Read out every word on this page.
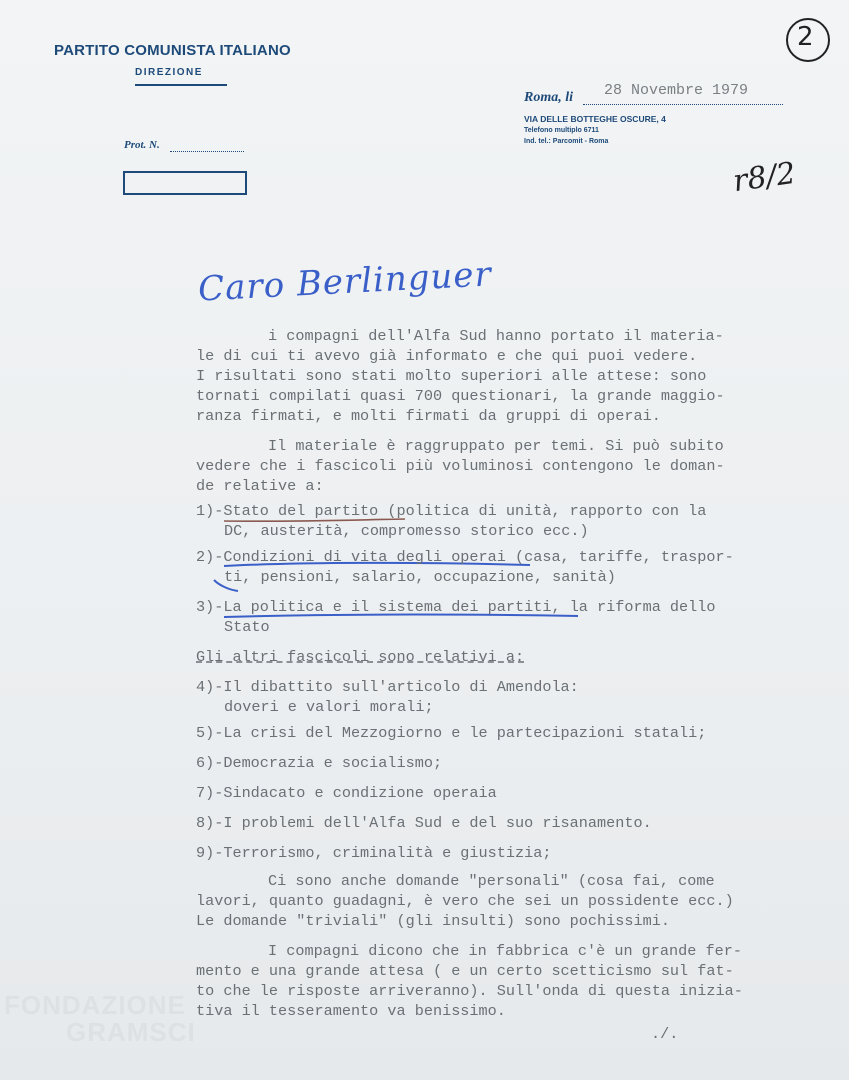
FONDAZIONE
GRAMSCI
PARTITO COMUNISTA ITALIANO
DIREZIONE
Prot. N.
Roma, li 28 Novembre 1979
VIA DELLE BOTTEGHE OSCURE, 4
Telefono multiplo 6711
Ind. tel.: Parcomit - Roma
2
r8/2
Caro Berlinguer
i compagni dell'Alfa Sud hanno portato il materia-
le di cui ti avevo già informato e che qui puoi vedere.
I risultati sono stati molto superiori alle attese: sono
tornati compilati quasi 700 questionari, la grande maggio-
ranza firmati, e molti firmati da gruppi di operai.
Il materiale è raggruppato per temi. Si può subito
vedere che i fascicoli più voluminosi contengono le doman-
de relative a:
1)-Stato del partito (politica di unità, rapporto con la
DC, austerità, compromesso storico ecc.)
2)-Condizioni di vita degli operai (casa, tariffe, traspor-
ti, pensioni, salario, occupazione, sanità)
3)-La politica e il sistema dei partiti, la riforma dello
Stato
Gli altri fascicoli sono relativi a:
4)-Il dibattito sull'articolo di Amendola:
doveri e valori morali;
5)-La crisi del Mezzogiorno e le partecipazioni statali;
6)-Democrazia e socialismo;
7)-Sindacato e condizione operaia
8)-I problemi dell'Alfa Sud e del suo risanamento.
9)-Terrorismo, criminalità e giustizia;
Ci sono anche domande "personali" (cosa fai, come
lavori, quanto guadagni, è vero che sei un possidente ecc.)
Le domande "triviali" (gli insulti) sono pochissimi.
I compagni dicono che in fabbrica c'è un grande fer-
mento e una grande attesa ( e un certo scetticismo sul fat-
to che le risposte arriveranno). Sull'onda di questa inizia-
tiva il tesseramento va benissimo.
./.
